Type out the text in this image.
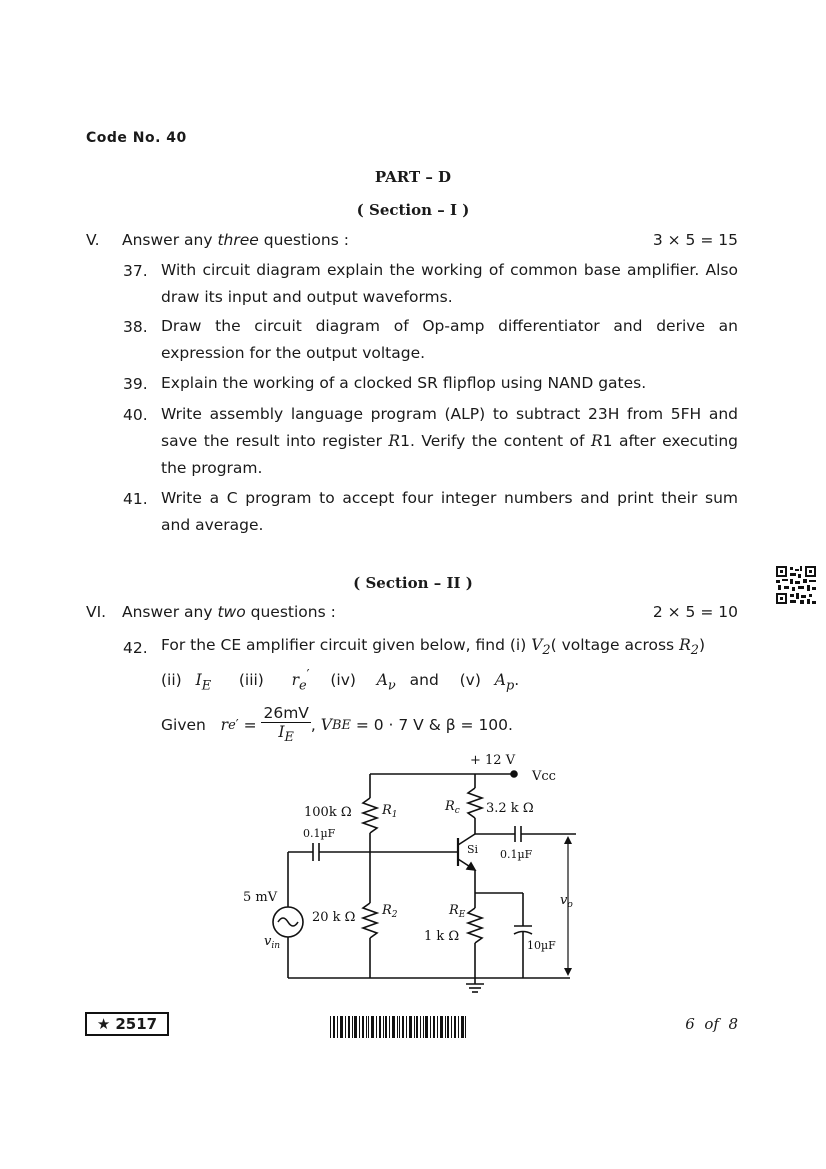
Code No. 40
PART – D
( Section – I )
V. Answer any three questions :	3 × 5 = 15
37. With circuit diagram explain the working of common base amplifier. Also draw its input and output waveforms.
38. Draw the circuit diagram of Op-amp differentiator and derive an expression for the output voltage.
39. Explain the working of a clocked SR flipflop using NAND gates.
40. Write assembly language program (ALP) to subtract 23H from 5FH and save the result into register R1. Verify the content of R1 after executing the program.
41. Write a C program to accept four integer numbers and print their sum and average.
( Section – II )
VI. Answer any two questions :	2 × 5 = 10
42. For the CE amplifier circuit given below, find (i) $V_2$( voltage across $R_2$)
(ii) $I_E$ (iii) $r_e'$ (iv) $A_\nu$ and (v) $A_p$.
Given
r e ′ =
26mV
$I_E$
, V BE
= 0 · 7 V & β = 100.
+ 12 V
Vcc
100k Ω $R_1$
$R_c$ 3.2 k Ω
0.1µF
0.1µF
Si
5 mV
$v_{in}$
20 k Ω $R_2$	$R_E$
1 k Ω
10µF
$v_o$
★ 2517	6  of  8
